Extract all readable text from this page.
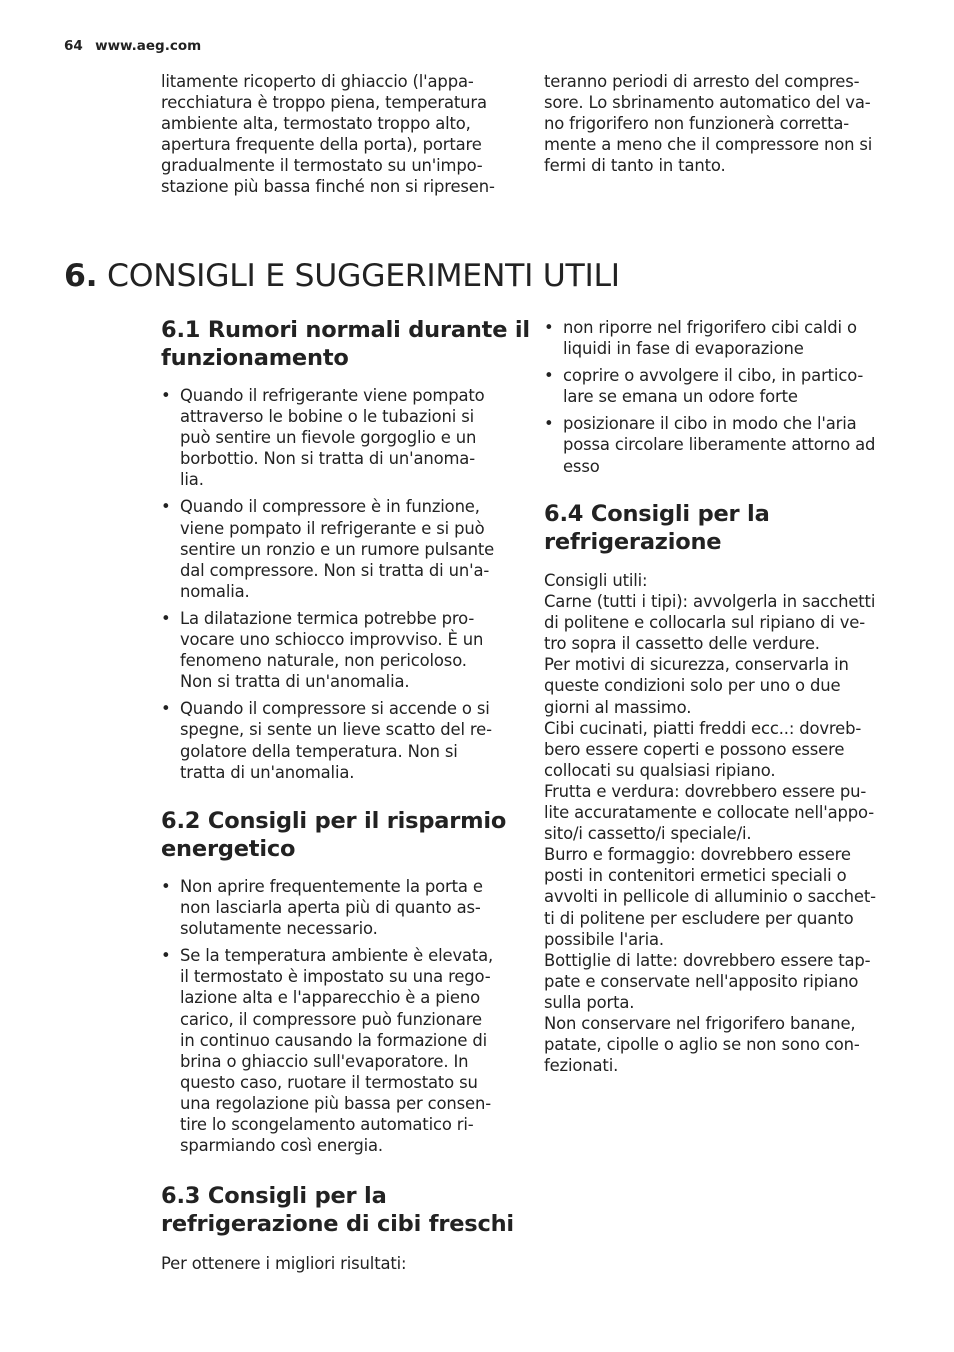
64 www.aeg.com

litamente ricoperto di ghiaccio (l'appa-

recchiatura è troppo piena, temperatura

ambiente alta, termostato troppo alto,

apertura frequente della porta), portare

gradualmente il termostato su un'impo-

stazione più bassa finché non si ripresen-

teranno periodi di arresto del compres-

sore. Lo sbrinamento automatico del va-

no frigorifero non funzionerà corretta-

mente a meno che il compressore non si

fermi di tanto in tanto.

6. CONSIGLI E SUGGERIMENTI UTILI
6.1 Rumori normali durante il
funzionamento
• Quando il refrigerante viene pompato
attraverso le bobine o le tubazioni si
può sentire un fievole gorgoglio e un
borbottio. Non si tratta di un'anoma-
lia.
• Quando il compressore è in funzione,
viene pompato il refrigerante e si può
sentire un ronzio e un rumore pulsante
dal compressore. Non si tratta di un'a-
nomalia.
• La dilatazione termica potrebbe pro-
vocare uno schiocco improvviso. È un
fenomeno naturale, non pericoloso.
Non si tratta di un'anomalia.
• Quando il compressore si accende o si
spegne, si sente un lieve scatto del re-
golatore della temperatura. Non si
tratta di un'anomalia.
6.2 Consigli per il risparmio
energetico
• Non aprire frequentemente la porta e
non lasciarla aperta più di quanto as-
solutamente necessario.
• Se la temperatura ambiente è elevata,
il termostato è impostato su una rego-
lazione alta e l'apparecchio è a pieno
carico, il compressore può funzionare
in continuo causando la formazione di
brina o ghiaccio sull'evaporatore. In
questo caso, ruotare il termostato su
una regolazione più bassa per consen-
tire lo scongelamento automatico ri-
sparmiando così energia.
6.3 Consigli per la
refrigerazione di cibi freschi

Per ottenere i migliori risultati:

• non riporre nel frigorifero cibi caldi o
liquidi in fase di evaporazione
• coprire o avvolgere il cibo, in partico-
lare se emana un odore forte
• posizionare il cibo in modo che l'aria
possa circolare liberamente attorno ad
esso
6.4 Consigli per la
refrigerazione

Consigli utili:

Carne (tutti i tipi): avvolgerla in sacchetti

di politene e collocarla sul ripiano di ve-

tro sopra il cassetto delle verdure.

Per motivi di sicurezza, conservarla in

queste condizioni solo per uno o due

giorni al massimo.

Cibi cucinati, piatti freddi ecc..: dovreb-

bero essere coperti e possono essere

collocati su qualsiasi ripiano.

Frutta e verdura: dovrebbero essere pu-

lite accuratamente e collocate nell'appo-

sito/i cassetto/i speciale/i.

Burro e formaggio: dovrebbero essere

posti in contenitori ermetici speciali o

avvolti in pellicole di alluminio o sacchet-

ti di politene per escludere per quanto

possibile l'aria.

Bottiglie di latte: dovrebbero essere tap-

pate e conservate nell'apposito ripiano

sulla porta.

Non conservare nel frigorifero banane,

patate, cipolle o aglio se non sono con-

fezionati.
